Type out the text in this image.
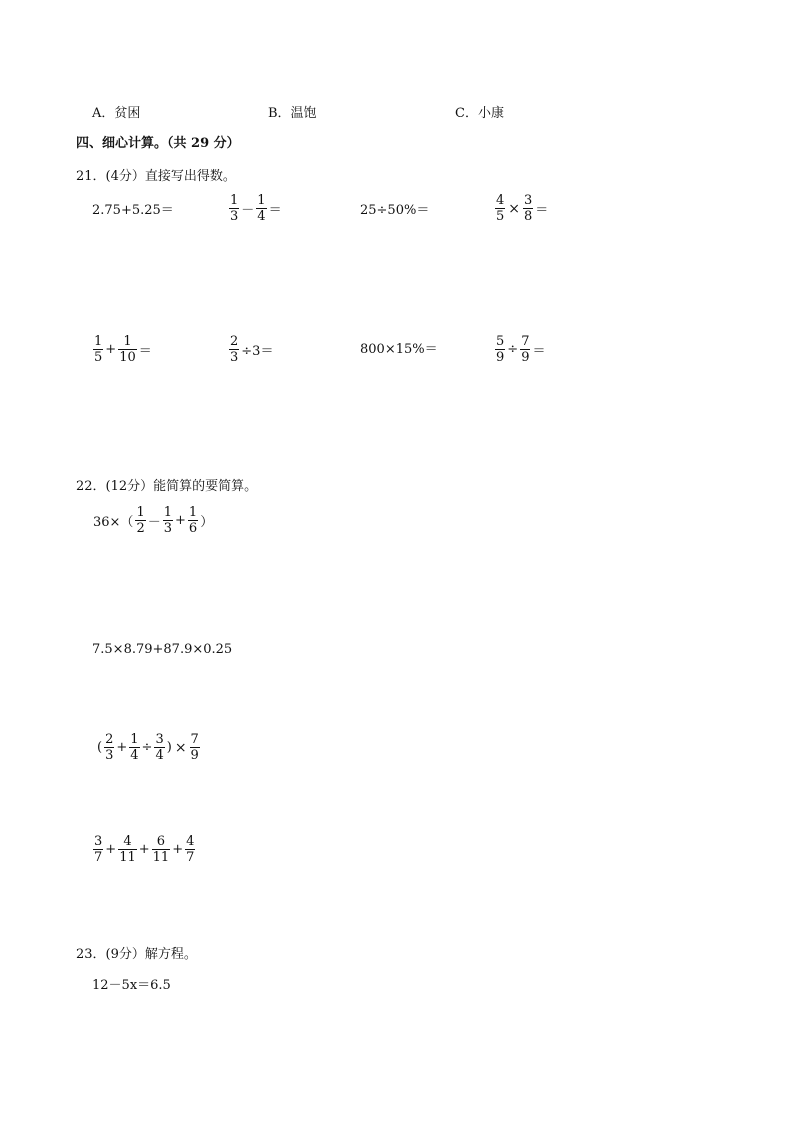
A．贫困	B．温饱	C．小康
四、细心计算。（共 29 分）
21．(4分）直接写出得数。
2.75+5.25＝	$\frac{1}{3} - \frac{1}{4}$ ＝	25÷50%＝	$\frac{4}{5} \times \frac{3}{8}$ ＝
$\frac{1}{5} + \frac{1}{10}$ ＝	$\frac{2}{3} \div 3=$	800×15%＝	$\frac{5}{9} \div \frac{7}{9}$ ＝
22．(12分）能简算的要简算。
$36\times( \frac{1}{2} - \frac{1}{3} + \frac{1}{6}$ ）
7.5×8.79+87.9×0.25
( $\frac{2}{3} + \frac{1}{4} \div \frac{3}{4}$ ) × $\frac{7}{9}$
$\frac{3}{7} + \frac{4}{11} + \frac{6}{11} + \frac{4}{7}$
23．(9分）解方程。
12－5x＝6.5
